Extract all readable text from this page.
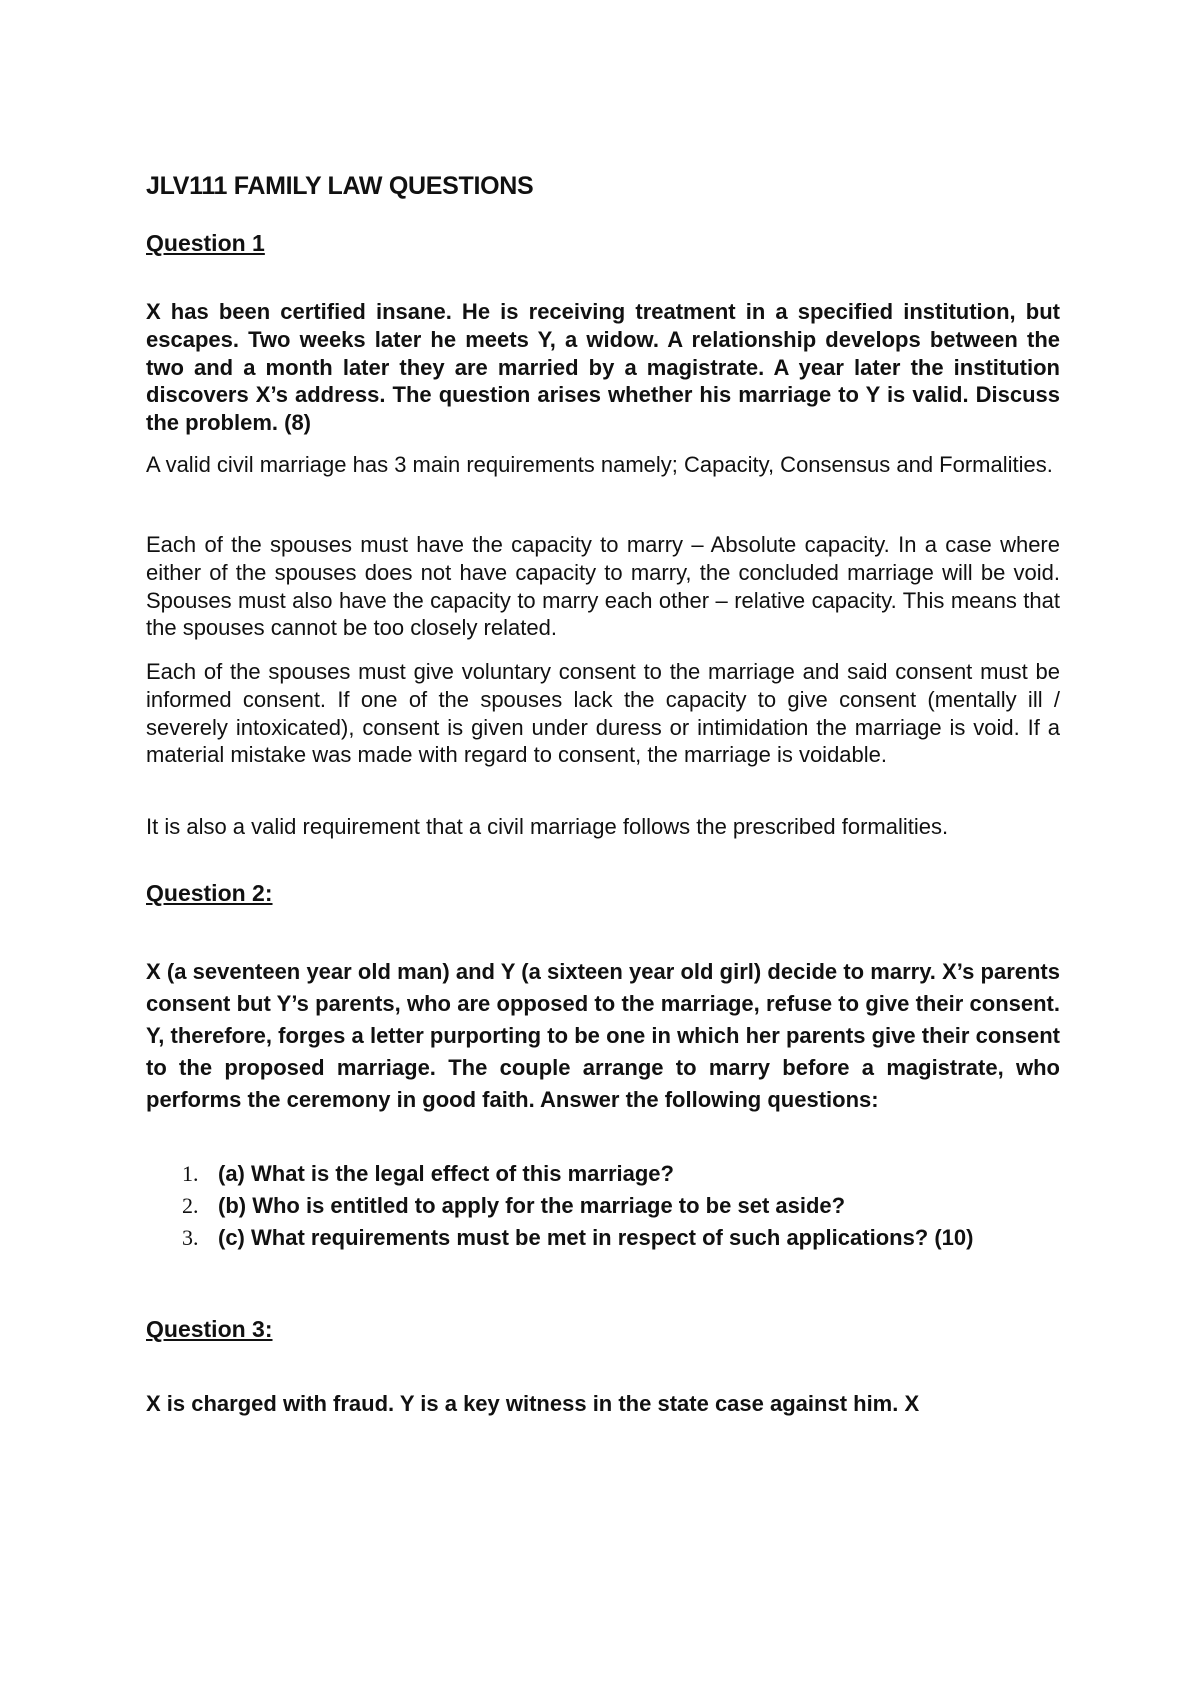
JLV111 FAMILY LAW QUESTIONS
Question 1

X has been certified insane. He is receiving treatment in a specified institution, but escapes. Two weeks later he meets Y, a widow. A relationship develops between the two and a month later they are married by a magistrate. A year later the institution discovers X’s address. The question arises whether his marriage to Y is valid. Discuss the problem. (8)

A valid civil marriage has 3 main requirements namely; Capacity, Consensus and Formalities.

Each of the spouses must have the capacity to marry – Absolute capacity. In a case where either of the spouses does not have capacity to marry, the concluded marriage will be void. Spouses must also have the capacity to marry each other – relative capacity. This means that the spouses cannot be too closely related.

Each of the spouses must give voluntary consent to the marriage and said consent must be informed consent. If one of the spouses lack the capacity to give consent (mentally ill / severely intoxicated), consent is given under duress or intimidation the marriage is void. If a material mistake was made with regard to consent, the marriage is voidable.

It is also a valid requirement that a civil marriage follows the prescribed formalities.

Question 2:

X (a seventeen year old man) and Y (a sixteen year old girl) decide to marry. X’s parents consent but Y’s parents, who are opposed to the marriage, refuse to give their consent. Y, therefore, forges a letter purporting to be one in which her parents give their consent to the proposed marriage. The couple arrange to marry before a magistrate, who performs the ceremony in good faith. Answer the following questions:

1. (a) What is the legal effect of this marriage?
2. (b) Who is entitled to apply for the marriage to be set aside?
3. (c) What requirements must be met in respect of such applications? (10)
Question 3:

X is charged with fraud. Y is a key witness in the state case against him. X
